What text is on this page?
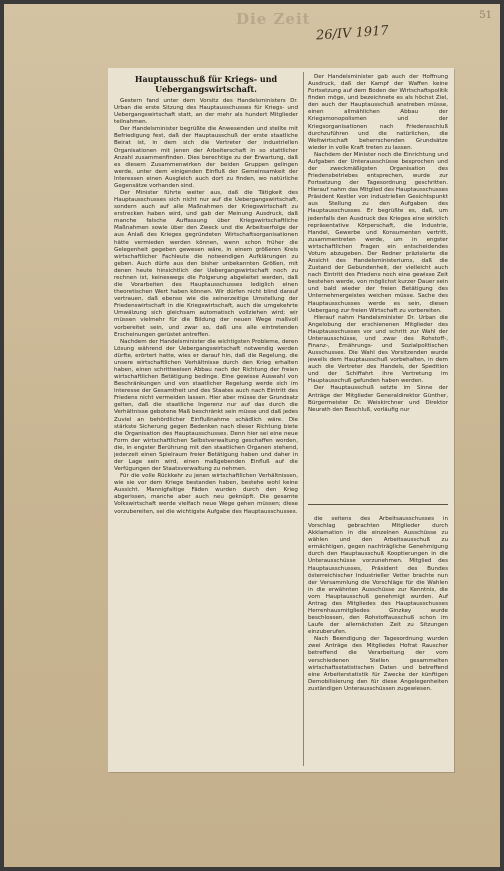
Die Zeit
26/IV 1917
51
Hauptausschuß für Kriegs- und Uebergangswirtschaft.

Gestern fand unter dem Vorsitz des Handelsministers Dr. Urban die erste Sitzung des Hauptausschusses für Kriegs- und Uebergangswirtschaft statt, an der mehr als hundert Mitglieder teilnahmen.

Der Handelsminister begrüßte die Anwesenden und stellte mit Befriedigung fest, daß der Hauptausschuß der erste staatliche Beirat ist, in dem sich die Vertreter der industriellen Organisationen mit jenen der Arbeiterschaft in so stattlicher Anzahl zusammenfinden. Dies berechtige zu der Erwartung, daß es diesem Zusammenwirken der beiden Gruppen gelingen werde, unter dem einigenden Einfluß der Gemeinsamkeit der Interessen einen Ausgleich auch dort zu finden, wo natürliche Gegensätze vorhanden sind.

Der Minister führte weiter aus, daß die Tätigkeit des Hauptausschusses sich nicht nur auf die Uebergangswirtschaft, sondern auch auf alle Maßnahmen der Kriegswirtschaft zu erstrecken haben wird, und gab der Meinung Ausdruck, daß manche falsche Auffassung über Kriegswirtschaftliche Maßnahmen sowie über den Zweck und die Arbeitserfolge der aus Anlaß des Krieges gegründeten Wirtschaftsorganisationen hätte vermieden werden können, wenn schon früher die Gelegenheit gegeben gewesen wäre, in einem größeren Kreis wirtschaftlicher Fachleute die notwendigen Aufklärungen zu geben. Auch dürfe aus den bisher unbekannten Größen, mit denen heute hinsichtlich der Uebergangswirtschaft noch zu rechnen ist, keineswegs die Folgerung abgeleitet werden, daß die Vorarbeiten des Hauptausschusses lediglich einen theoretischen Wert haben können. Wir dürfen nicht blind darauf vertrauen, daß ebenso wie die seinerzeitige Umstellung der Friedenswirtschaft in die Kriegswirtschaft, auch die umgekehrte Umwälzung sich gleichsam automatisch vollziehen wird; wir müssen vielmehr für die Bildung der neuen Wege maßvoll vorbereitet sein, und zwar so, daß uns alle eintretenden Erscheinungen gerüstet antreffen.

Nachdem der Handelsminister die wichtigsten Probleme, deren Lösung während der Uebergangswirtschaft notwendig werden dürfte, erörtert hatte, wies er darauf hin, daß die Regelung, die unsere wirtschaftlichen Verhältnisse durch den Krieg erhalten haben, einen schrittweisen Abbau nach der Richtung der freien wirtschaftlichen Betätigung bedinge. Eine gewisse Auswahl von Beschränkungen und von staatlicher Regelung werde sich im Interesse der Gesamtheit und des Staates auch nach Eintritt des Friedens nicht vermeiden lassen. Hier aber müsse der Grundsatz gelten, daß die staatliche Ingerenz nur auf das durch die Verhältnisse gebotene Maß beschränkt sein müsse und daß jedes Zuviel an behördlicher Einflußnahme schädlich wäre. Die stärkste Sicherung gegen Bedenken nach dieser Richtung biete die Organisation des Hauptausschusses. Denn hier sei eine neue Form der wirtschaftlichen Selbstverwaltung geschaffen worden, die, in engster Berührung mit den staatlichen Organen stehend, jederzeit einen Spielraum freier Betätigung haben und daher in der Lage sein wird, einen maßgebenden Einfluß auf die Verfügungen der Staatsverwaltung zu nehmen.

Für die volle Rückkehr zu jenen wirtschaftlichen Verhältnissen, wie sie vor dem Kriege bestanden haben, bestehe wohl keine Aussicht. Mannigfaltige Fäden wurden durch den Krieg abgerissen, manche aber auch neu geknüpft. Die gesamte Volkswirtschaft werde vielfach neue Wege gehen müssen; diese vorzubereiten, sei die wichtigste Aufgabe des Hauptausschusses.

Der Handelsminister gab auch der Hoffnung Ausdruck, daß der Kampf der Waffen keine Fortsetzung auf dem Boden der Wirtschaftspolitik finden möge, und bezeichnete es als höchst Ziel, den auch der Hauptausschuß anstreben müsse, einen allmählichen Abbau der Kriegsmonopolismen und der Kriegsorganisationen nach Friedensschluß durchzuführen und die natürlichen, die Weltwirtschaft beherrschenden Grundsätze wieder in volle Kraft treten zu lassen.

Nachdem der Minister noch die Einrichtung und Aufgaben der Unterausschüsse besprochen und der zweckmäßigsten Organisation des Friedensbetriebes entsprechen, wurde zur Fortsetzung der Tagesordnung geschritten. Hierauf nahm das Mitglied des Hauptausschusses Präsident Kestler von industriellen Gesichtspunkt aus Stellung zu den Aufgaben des Hauptausschusses. Er begrüßte es, daß, um jedenfalls den Ausdruck des Krieges eine wirklich repräsentative Körperschaft, die Industrie, Handel, Gewerbe und Konsumenten vertritt, zusammentreten werde, um in engster wirtschaftlichen Fragen ein entscheidendes Votum abzugeben. Der Redner präzisierte die Ansicht des Handelsministeriums, daß die Zustand der Gebundenheit, der vielleicht auch nach Eintritt des Friedens noch eine gewisse Zeit bestehen werde, von möglichst kurzer Dauer sein und bald wieder der freien Betätigung des Unternehmergeistes weichen müsse. Sache des Hauptausschusses werde es sein, diesen Uebergang zur freien Wirtschaft zu vorbereiten.

Hierauf nahm Handelsminister Dr. Urban die Angelobung der erschienenen Mitglieder des Hauptausschusses vor und schritt zur Wahl der Unterausschüsse, und zwar des Rohstoff-, Finanz-, Ernährungs- und Sozialpolitischen Ausschusses. Die Wahl des Vorsitzenden wurde jeweils dem Hauptausschuß vorbehalten, in dem auch die Vertreter des Handels, der Spedition und der Schiffahrt ihre Vertretung im Hauptausschuß gefunden haben werden.

Der Hauptausschuß setzte im Sinne der Anträge der Mitglieder Generaldirektor Günther, Bürgermeister Dr. Weiskirchner und Direktor Neurath den Beschluß, vorläufig nur

die seitens des Arbeitsausschusses in Vorschlag gebrachten Mitglieder durch Akklamation in die einzelnen Ausschüsse zu wählen und den Arbeitsausschuß zu ermächtigen, gegen nachträgliche Genehmigung durch den Hauptausschuß Kooptierungen in die Unterausschüsse vorzunehmen. Mitglied des Hauptausschusses, Präsident des Bundes österreichischer Industrieller Vetter brachte nun der Versammlung die Vorschläge für die Wahlen in die erwähnten Ausschüsse zur Kenntnis, die vom Hauptausschuß genehmigt wurden. Auf Antrag des Mitgliedes des Hauptausschusses Herrenhausmitgliedes Ginzkey wurde beschlossen, den Rohstoffausschuß schon im Laufe der allernächsten Zeit zu Sitzungen einzuberufen.

Nach Beendigung der Tagesordnung wurden zwei Anträge des Mitgliedes Hofrat Rauscher betreffend die Verarbeitung der vom verschiedenen Stellen gesammelten wirtschaftsstatistischen Daten und betreffend eine Arbeiterstatistik für Zwecke der künftigen Demobilisierung den für diese Angelegenheiten zuständigen Unterausschüssen zugewiesen.
